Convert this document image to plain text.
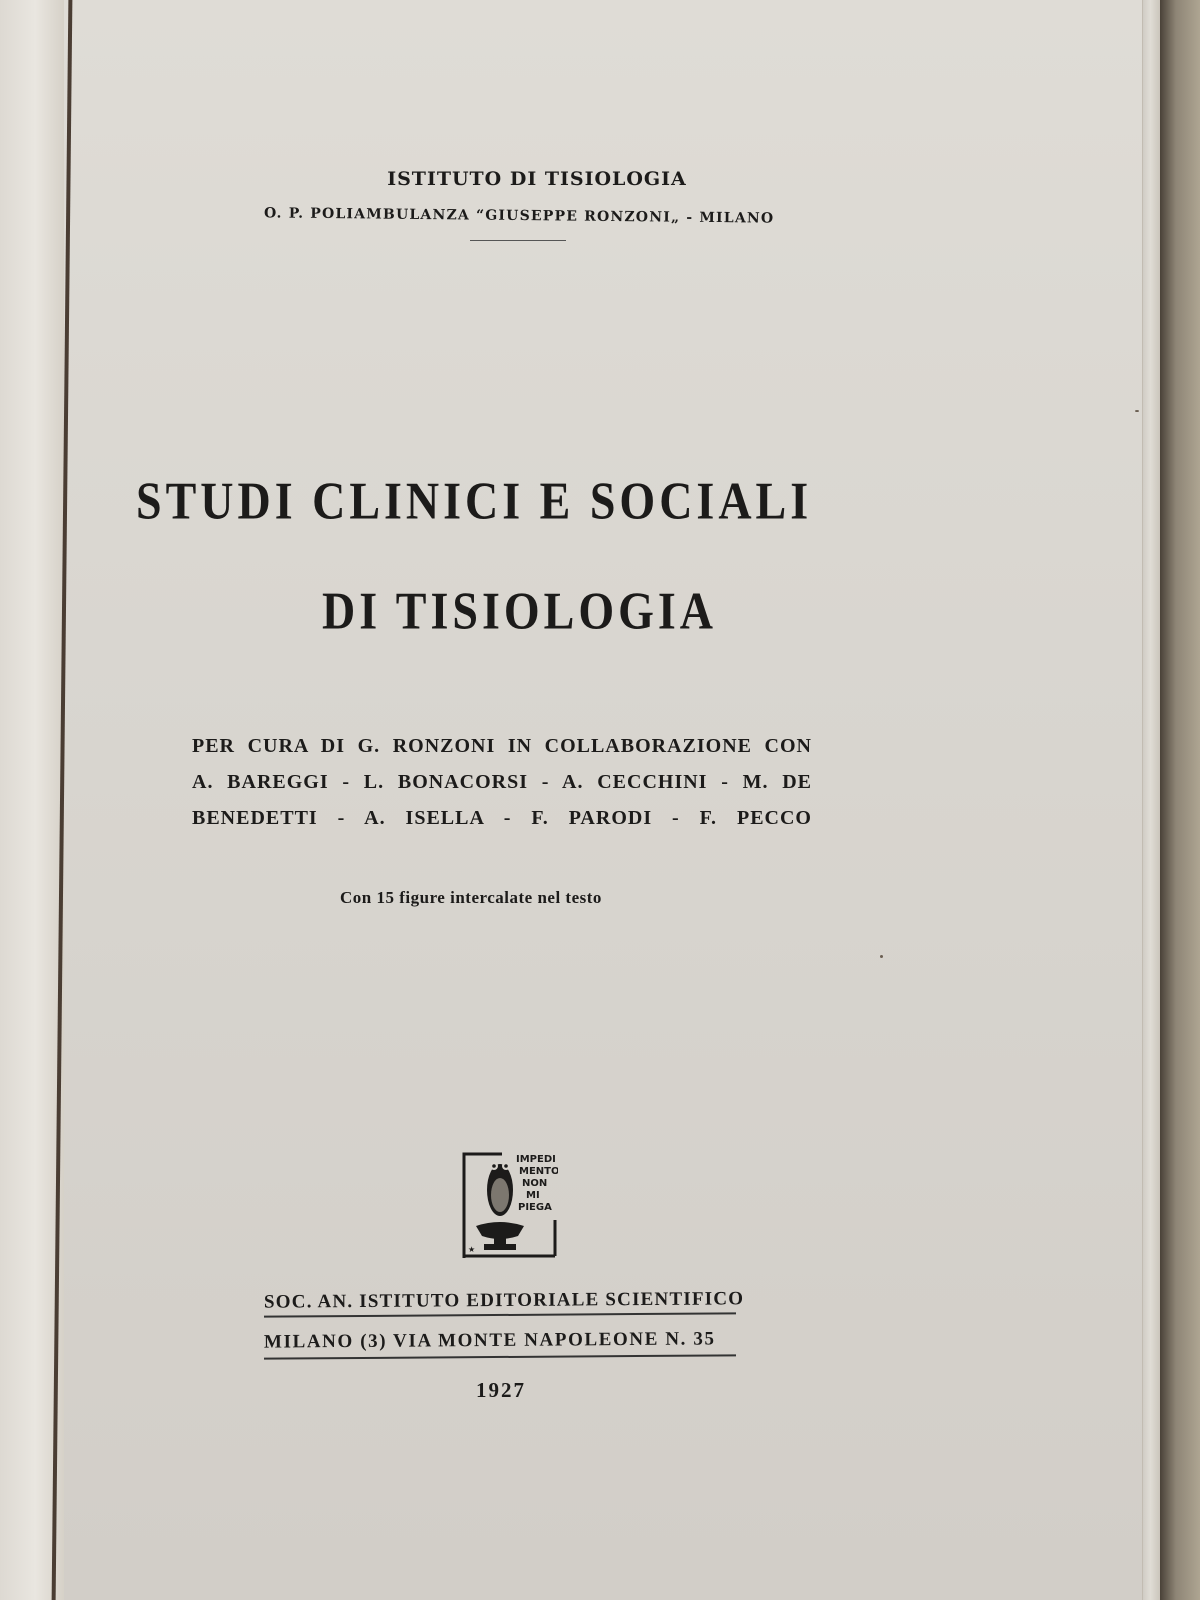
ISTITUTO DI TISIOLOGIA
O. P. POLIAMBULANZA “GIUSEPPE RONZONI„ - MILANO
STUDI CLINICI E SOCIALI
DI TISIOLOGIA
PER CURA DI G. RONZONI IN COLLABORAZIONE CON
A. BAREGGI - L. BONACORSI - A. CECCHINI - M. DE
BENEDETTI - A. ISELLA - F. PARODI - F. PECCO
Con 15 figure intercalate nel testo
★
IMPEDI
MENTO
NON
MI
PIEGA
SOC. AN. ISTITUTO EDITORIALE SCIENTIFICO
MILANO (3) VIA MONTE NAPOLEONE N. 35
1927
